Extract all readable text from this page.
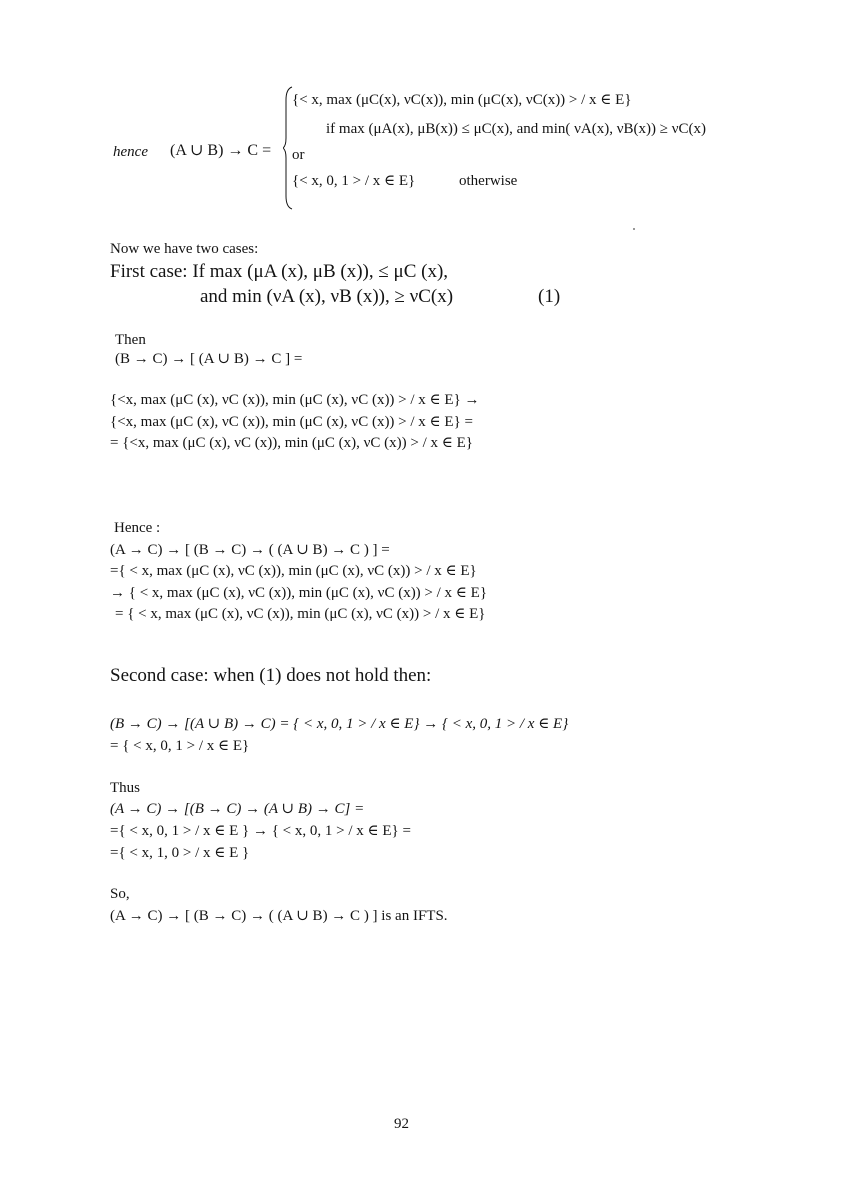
hence (A ∪ B) → C =
{< x, max (μC(x), νC(x)), min (μC(x), νC(x)) > / x ∈ E}
if max (μA(x), μB(x)) ≤ μC(x), and min( νA(x), νB(x)) ≥ νC(x)
or
{< x, 0, 1 > / x ∈ E}	otherwise
Now we have two cases:
First case: If max (μA (x), μB (x)), ≤ μC (x),
and min (νA (x), νB (x)), ≥ νC(x)	(1)
Then
(B → C) → [ (A ∪ B) → C ] =
{<x, max (μC (x), νC (x)), min (μC (x), νC (x)) > / x ∈ E} →
{<x, max (μC (x), νC (x)), min (μC (x), νC (x)) > / x ∈ E} =
= {<x, max (μC (x), νC (x)), min (μC (x), νC (x)) > / x ∈ E}
Hence :
(A → C) → [ (B → C) → ( (A ∪ B) → C ) ] =
={ < x, max (μC (x), νC (x)), min (μC (x), νC (x)) > / x ∈ E}
→ { < x, max (μC (x), νC (x)), min (μC (x), νC (x)) > / x ∈ E}
= { < x, max (μC (x), νC (x)), min (μC (x), νC (x)) > / x ∈ E}
Second case: when (1) does not hold then:
(B → C) → [(A ∪ B) → C) = { < x, 0, 1 > / x ∈ E} → { < x, 0, 1 > / x ∈ E}
= { < x, 0, 1 > / x ∈ E}
Thus
(A → C) → [(B → C) → (A ∪ B) → C] =
={ < x, 0, 1 > / x ∈ E } → { < x, 0, 1 > / x ∈ E} =
={ < x, 1, 0 > / x ∈ E }
So,
(A → C) → [ (B → C) → ( (A ∪ B) → C ) ] is an IFTS.
92
